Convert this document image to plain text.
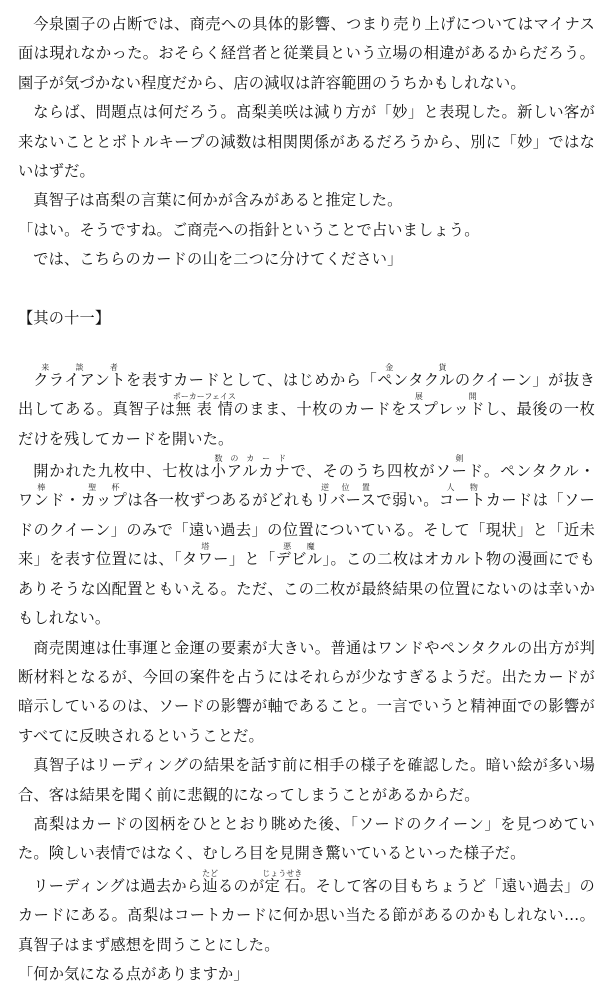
今泉園子の占断では、商売への具体的影響、つまり売り上げについてはマイナス面は現れなかった。おそらく経営者と従業員という立場の相違があるからだろう。園子が気づかない程度だから、店の減収は許容範囲のうちかもしれない。

ならば、問題点は何だろう。髙梨美咲は減り方が「妙」と表現した。新しい客が来ないこととボトルキープの減数は相関関係があるだろうから、別に「妙」ではないはずだ。

真智子は髙梨の言葉に何かが含みがあると推定した。

「はい。そうですね。ご商売への指針ということで占いましょう。

では、こちらのカードの山を二つに分けてください」

【其の十一】

クライアント来談者を表すカードとして、はじめから「ペンタクル金貨のクイーン」が抜き出してある。真智子は無表情ポーカーフェイスのまま、十枚のカードをスプレッド展開し、最後の一枚だけを残してカードを開いた。

開かれた九枚中、七枚は小アルカナ数のカードで、そのうち四枚がソード剣。ペンタクル・ワンド棒・カップ聖杯は各一枚ずつあるがどれもリバース逆位置で弱い。コート人物カードは「ソードのクイーン」のみで「遠い過去」の位置についている。そして「現状」と「近未来」を表す位置には、「タワー塔」と「デビル悪魔」。この二枚はオカルト物の漫画にでもありそうな凶配置ともいえる。ただ、この二枚が最終結果の位置にないのは幸いかもしれない。

商売関連は仕事運と金運の要素が大きい。普通はワンドやペンタクルの出方が判断材料となるが、今回の案件を占うにはそれらが少なすぎるようだ。出たカードが暗示しているのは、ソードの影響が軸であること。一言でいうと精神面での影響がすべてに反映されるということだ。

真智子はリーディングの結果を話す前に相手の様子を確認した。暗い絵が多い場合、客は結果を聞く前に悲観的になってしまうことがあるからだ。

髙梨はカードの図柄をひととおり眺めた後、「ソードのクイーン」を見つめていた。険しい表情ではなく、むしろ目を見開き驚いているといった様子だ。

リーディングは過去から辿たどるのが定石じょうせき。そして客の目もちょうど「遠い過去」のカードにある。髙梨はコートカードに何か思い当たる節があるのかもしれない…。真智子はまず感想を問うことにした。

「何か気になる点がありますか」
